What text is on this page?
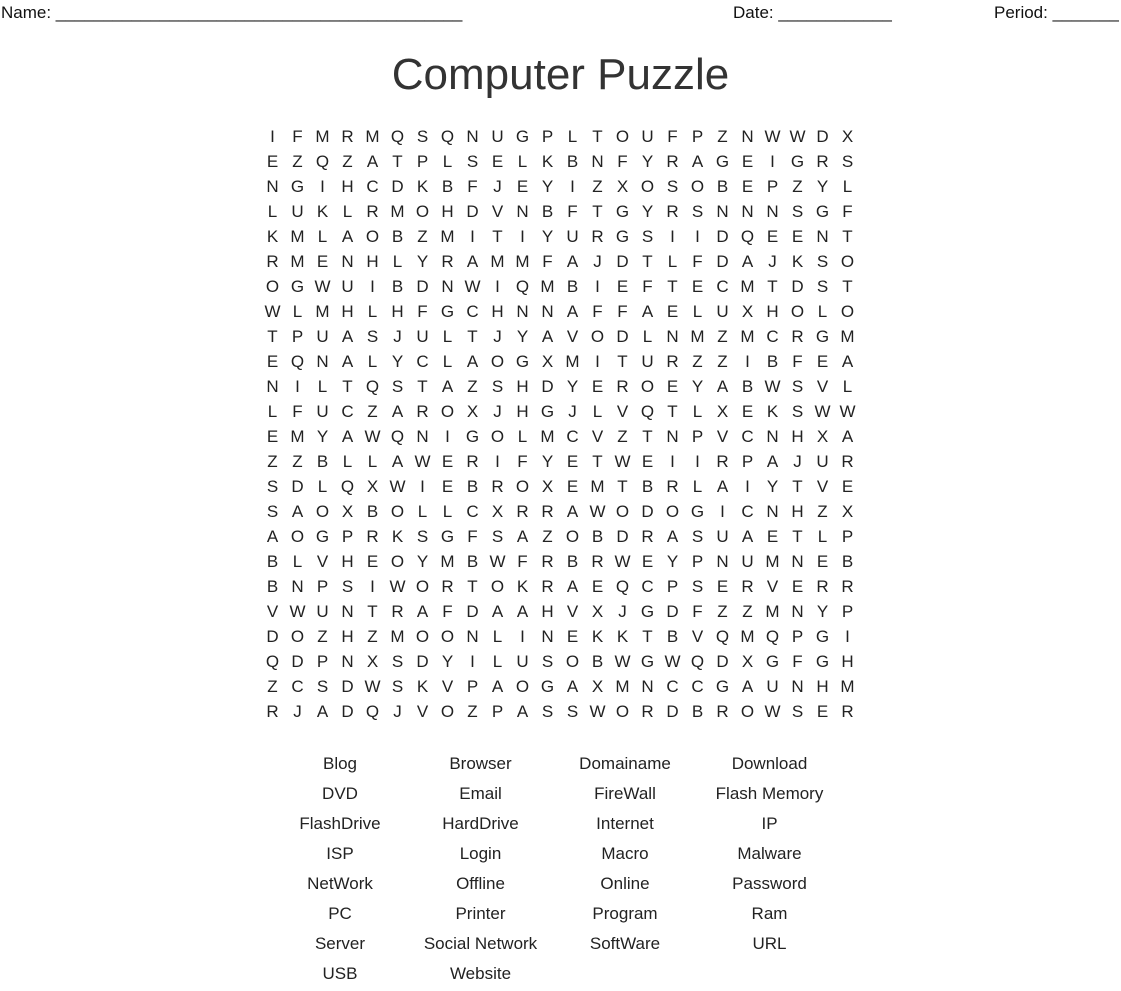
Name: ___________________________________________	Date: ____________	Period: _______
Computer Puzzle
I	F M R M Q S Q N U G P L T O U F P Z N W W D X
E Z Q Z A T P L S E L K B N F Y R A G E I G R S
N G I H C D K B F J E Y I	Z X O S O B E P Z Y L
L U K L R M O H D V N B F T G Y R S N N N S G F
K M L A O B Z M I	T	I Y U R G S I	I D Q E E N T
R M E N H L Y R A M M F A J D T L F D A J K S O
O G W U I B D N W I Q M B I E F T E C M T D S T
W L M H L H F G C H N N A F F A E L U X H O L O
T P U A S J U L T J Y A V O D L N M Z M C R G M
E Q N A L Y C L A O G X M I	T U R Z Z	I B F E A
N I	L T Q S T A Z S H D Y E R O E Y A B W S V L
L F U C Z A R O X J H G J L V Q T L X E K S W W
E M Y A W Q N I G O L M C V Z T N P V C N H X A
Z Z B L L A W E R I	F Y E T W E I	I R P A J U R
S D L Q X W I E B R O X E M T B R L A I Y T V E
S A O X B O L L C X R R A W O D O G I C N H Z X
A O G P R K S G F S A Z O B D R A S U A E T L P
B L V H E O Y M B W F R B R W E Y P N U M N E B
B N P S I W O R T O K R A E Q C P S E R V E R R
V W U N T R A F D A A H V X J G D F Z Z M N Y P
D O Z H Z M O O N L	I N E K K T B V Q M Q P G I
Q D P N X S D Y I	L U S O B W G W Q D X G F G H
Z C S D W S K V P A O G A X M N C C G A U N H M
R J A D Q J V O Z P A S S W O R D B R O W S E R
Blog	Browser	Domainame	Download
DVD	Email	FireWall	Flash Memory
FlashDrive	HardDrive	Internet	IP
ISP	Login	Macro	Malware
NetWork	Offline	Online	Password
PC	Printer	Program	Ram
Server	Social Network	SoftWare	URL
USB	Website
